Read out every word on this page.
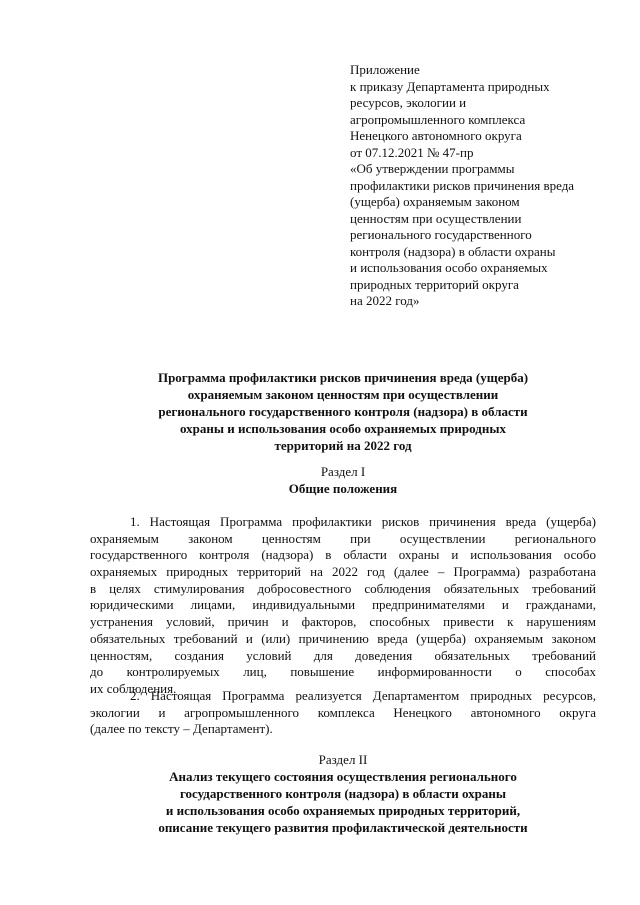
Приложение
к приказу Департамента природных
ресурсов, экологии и
агропромышленного комплекса
Ненецкого автономного округа
от 07.12.2021 № 47-пр
«Об утверждении программы
профилактики рисков причинения вреда
(ущерба) охраняемым законом
ценностям при осуществлении
регионального государственного
контроля (надзора) в области охраны
и использования особо охраняемых
природных территорий округа
на 2022 год»
Программа профилактики рисков причинения вреда (ущерба)
охраняемым законом ценностям при осуществлении
регионального государственного контроля (надзора) в области
охраны и использования особо охраняемых природных
территорий на 2022 год
Раздел I
Общие положения
1. Настоящая Программа профилактики рисков причинения вреда (ущерба)
охраняемым законом ценностям при осуществлении регионального
государственного контроля (надзора) в области охраны и использования особо
охраняемых природных территорий на 2022 год (далее – Программа) разработана
в целях стимулирования добросовестного соблюдения обязательных требований
юридическими лицами, индивидуальными предпринимателями и гражданами,
устранения условий, причин и факторов, способных привести к нарушениям
обязательных требований и (или) причинению вреда (ущерба) охраняемым законом
ценностям, создания условий для доведения обязательных требований
до контролируемых лиц, повышение информированности о способах
их соблюдения.
2. Настоящая Программа реализуется Департаментом природных ресурсов,
экологии и агропромышленного комплекса Ненецкого автономного округа
(далее по тексту – Департамент).
Раздел II
Анализ текущего состояния осуществления регионального
государственного контроля (надзора) в области охраны
и использования особо охраняемых природных территорий,
описание текущего развития профилактической деятельности
